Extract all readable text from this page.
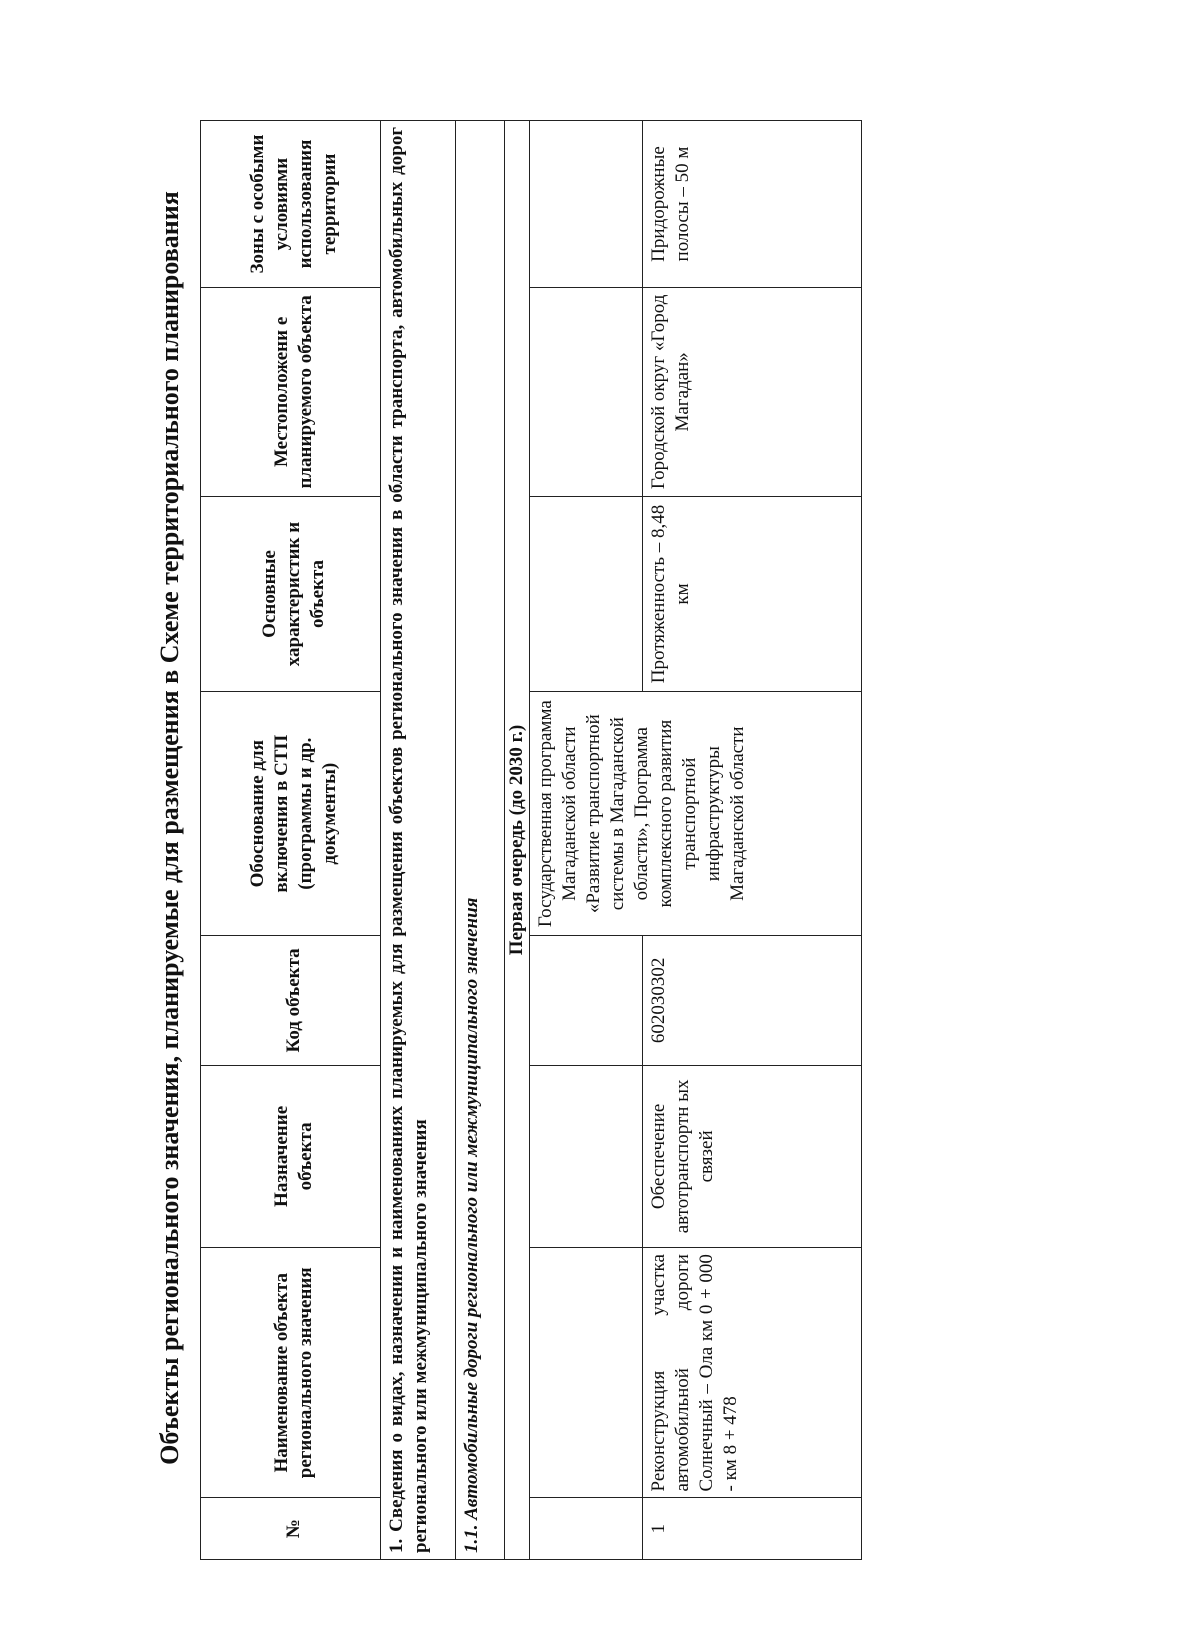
Объекты регионального значения, планируемые для размещения в Схеме территориального планирования
№	Наименование объекта регионального значения	Назначение объекта	Код объекта	Обоснование для включения в СТП (программы и др. документы)	Основные характеристик и объекта	Местоположени е планируемого объекта	Зоны с особыми условиями использования территории
1. Сведения о видах, назначении и наименованиях планируемых для размещения объектов регионального значения в области транспорта, автомобильных дорог регионального или межмуниципального значения							
1.1. Автомобильные дороги регионального или межмуниципального значения							
Первая очередь (до 2030 г.)							
				Государственная программа Магаданской области «Развитие транспортной системы в Магаданской области», Программа комплексного развития транспортной инфраструктуры Магаданской области			
1	Реконструкция участка автомобильной дороги Солнечный – Ола км 0 + 000 - км 8 + 478	Обеспечение автотранспортн ых связей	602030302		Протяженность – 8,48 км	Городской округ «Город Магадан»	Придорожные полосы – 50 м
